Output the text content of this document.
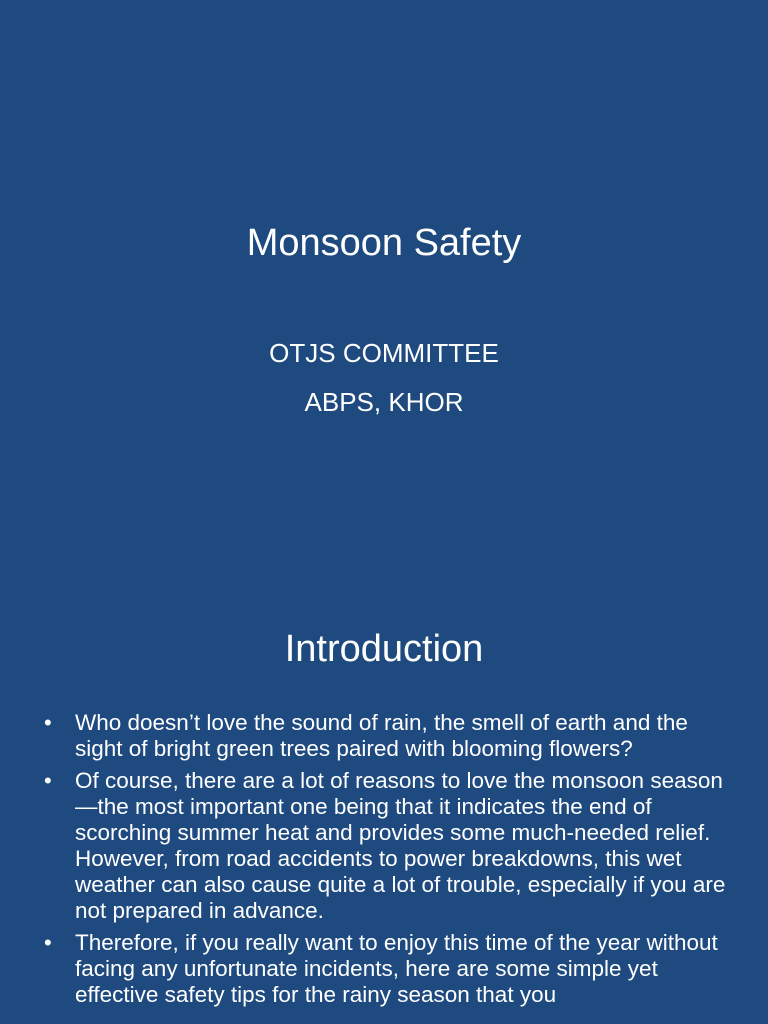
Monsoon Safety
OTJS COMMITTEE
ABPS, KHOR
Introduction
•	Who doesn’t love the sound of rain, the smell of earth and the sight of bright green trees paired with blooming flowers?
•	Of course, there are a lot of reasons to love the monsoon season—the most important one being that it indicates the end of scorching summer heat and provides some much-needed relief. However, from road accidents to power breakdowns, this wet weather can also cause quite a lot of trouble, especially if you are not prepared in advance.
•	Therefore, if you really want to enjoy this time of the year without facing any unfortunate incidents, here are some simple yet effective safety tips for the rainy season that you
